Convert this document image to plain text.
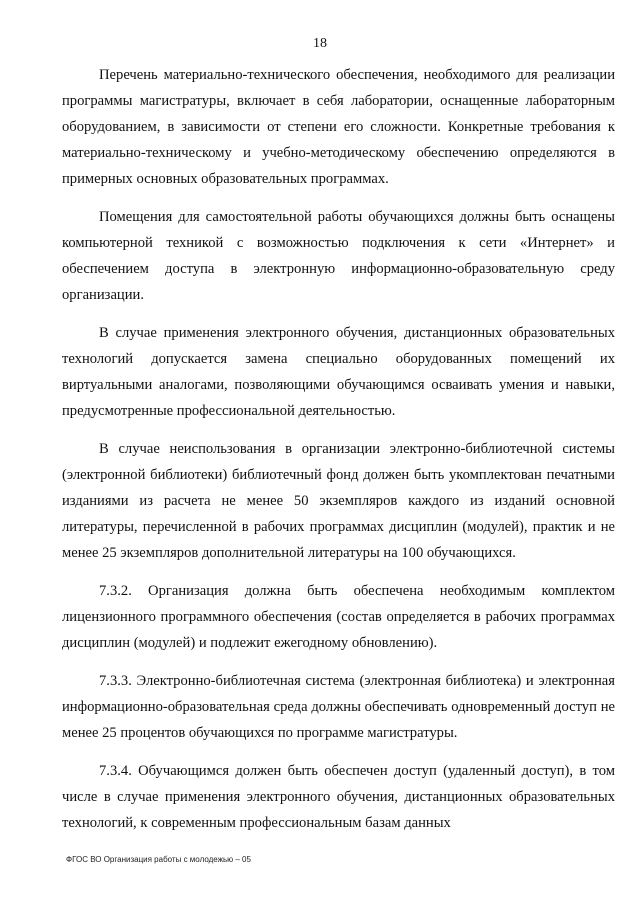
18

Перечень материально-технического обеспечения, необходимого для реализации программы магистратуры, включает в себя лаборатории, оснащенные лабораторным оборудованием, в зависимости от степени его сложности. Конкретные требования к материально-техническому и учебно-методическому обеспечению определяются в примерных основных образовательных программах.

Помещения для самостоятельной работы обучающихся должны быть оснащены компьютерной техникой с возможностью подключения к сети «Интернет» и обеспечением доступа в электронную информационно-образовательную среду организации.

В случае применения электронного обучения, дистанционных образовательных технологий допускается замена специально оборудованных помещений их виртуальными аналогами, позволяющими обучающимся осваивать умения и навыки, предусмотренные профессиональной деятельностью.

В случае неиспользования в организации электронно-библиотечной системы (электронной библиотеки) библиотечный фонд должен быть укомплектован печатными изданиями из расчета не менее 50 экземпляров каждого из изданий основной литературы, перечисленной в рабочих программах дисциплин (модулей), практик и не менее 25 экземпляров дополнительной литературы на 100 обучающихся.

7.3.2. Организация должна быть обеспечена необходимым комплектом лицензионного программного обеспечения (состав определяется в рабочих программах дисциплин (модулей) и подлежит ежегодному обновлению).

7.3.3. Электронно-библиотечная система (электронная библиотека) и электронная информационно-образовательная среда должны обеспечивать одновременный доступ не менее 25 процентов обучающихся по программе магистратуры.

7.3.4. Обучающимся должен быть обеспечен доступ (удаленный доступ), в том числе в случае применения электронного обучения, дистанционных образовательных технологий, к современным профессиональным базам данных

ФГОС ВО Организация работы с молодежью – 05
